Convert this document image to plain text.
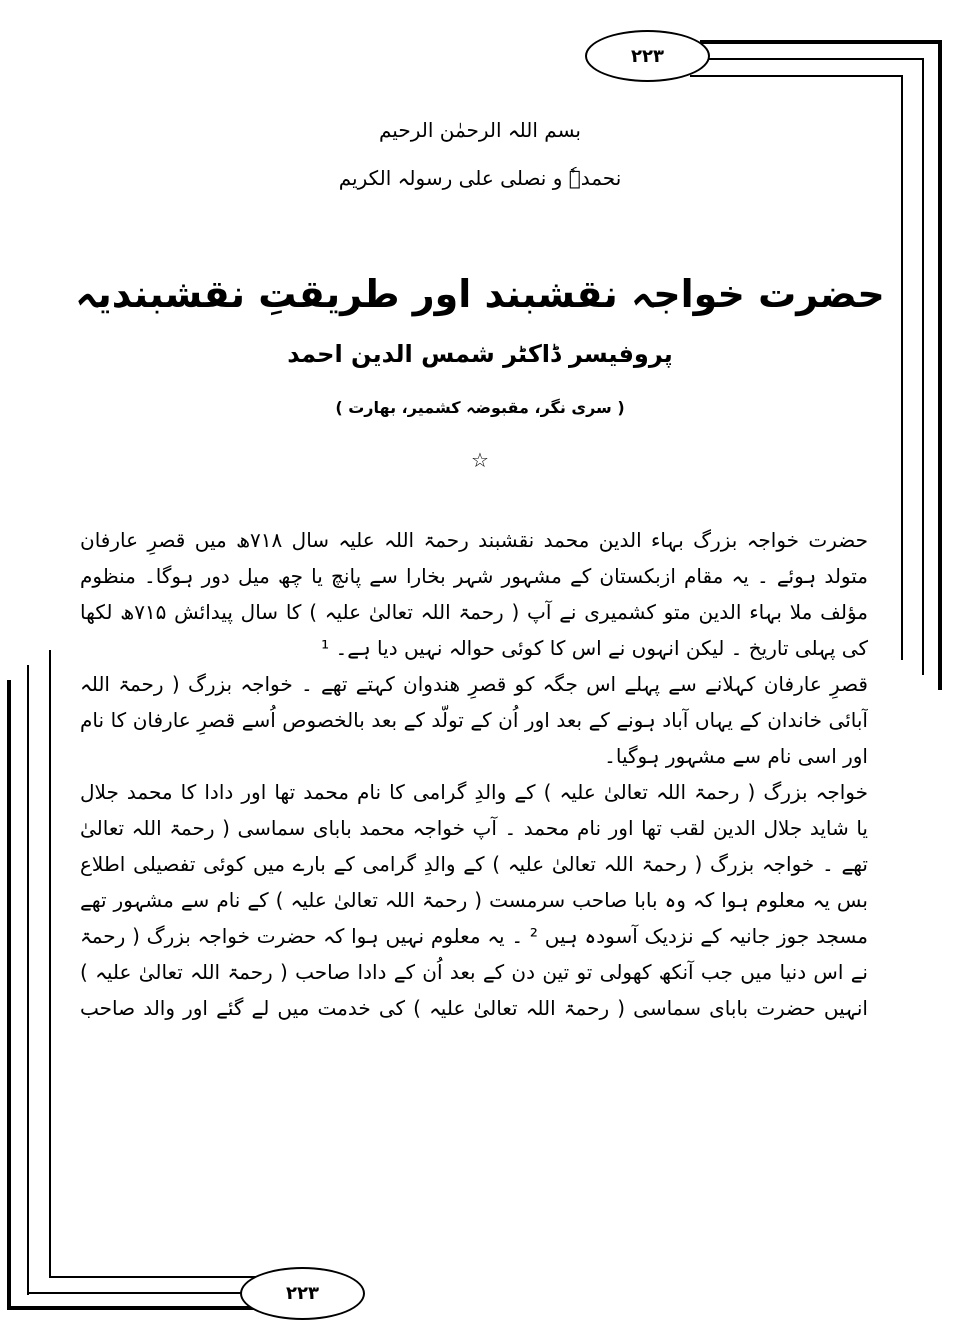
۲۲۳
۲۲۳
بسم اللہ الرحمٰن الرحیم
نحمدہٗ و نصلی علی رسولہ الکریم
حضرت خواجہ نقشبند اور طریقتِ نقشبندیہ
پروفیسر ڈاکٹر شمس الدین احمد
( سری نگر، مقبوضہ کشمیر، بھارت )
☆
حضرت خواجہ بزرگ بہاء الدین محمد نقشبند رحمۃ اللہ علیہ سال ۷۱۸ھ میں قصرِ عارفان
متولد ہوئے ۔ یہ مقام ازبکستان کے مشہور شہر بخارا سے پانچ یا چھ میل دور ہوگا۔ منظوم
مؤلف ملا بہاء الدین متو کشمیری نے آپ ( رحمۃ اللہ تعالیٰ علیہ ) کا سال پیدائش ۷۱۵ھ لکھا
کی پہلی تاریخ ۔ لیکن انہوں نے اس کا کوئی حوالہ نہیں دیا ہے۔ ¹
قصرِ عارفان کہلانے سے پہلے اس جگہ کو قصرِ ھندوان کہتے تھے ۔ خواجہ بزرگ ( رحمۃ اللہ
آبائی خاندان کے یہاں آباد ہونے کے بعد اور اُن کے تولّد کے بعد بالخصوص اُسے قصرِ عارفان کا نام
اور اسی نام سے مشہور ہوگیا۔
خواجہ بزرگ ( رحمۃ اللہ تعالیٰ علیہ ) کے والدِ گرامی کا نام محمد تھا اور دادا کا محمد جلال
یا شاید جلال الدین لقب تھا اور نام محمد ۔ آپ خواجہ محمد بابای سماسی ( رحمۃ اللہ تعالیٰ
تھے ۔ خواجہ بزرگ ( رحمۃ اللہ تعالیٰ علیہ ) کے والدِ گرامی کے بارے میں کوئی تفصیلی اطلاع
بس یہ معلوم ہوا کہ وہ بابا صاحب سرمست ( رحمۃ اللہ تعالیٰ علیہ ) کے نام سے مشہور تھے
مسجد جوز جانیہ کے نزدیک آسودہ ہیں ² ۔ یہ معلوم نہیں ہوا کہ حضرت خواجہ بزرگ ( رحمۃ
نے اس دنیا میں جب آنکھ کھولی تو تین دن کے بعد اُن کے دادا صاحب ( رحمۃ اللہ تعالیٰ علیہ )
انہیں حضرت بابای سماسی ( رحمۃ اللہ تعالیٰ علیہ ) کی خدمت میں لے گئے اور والد صاحب
